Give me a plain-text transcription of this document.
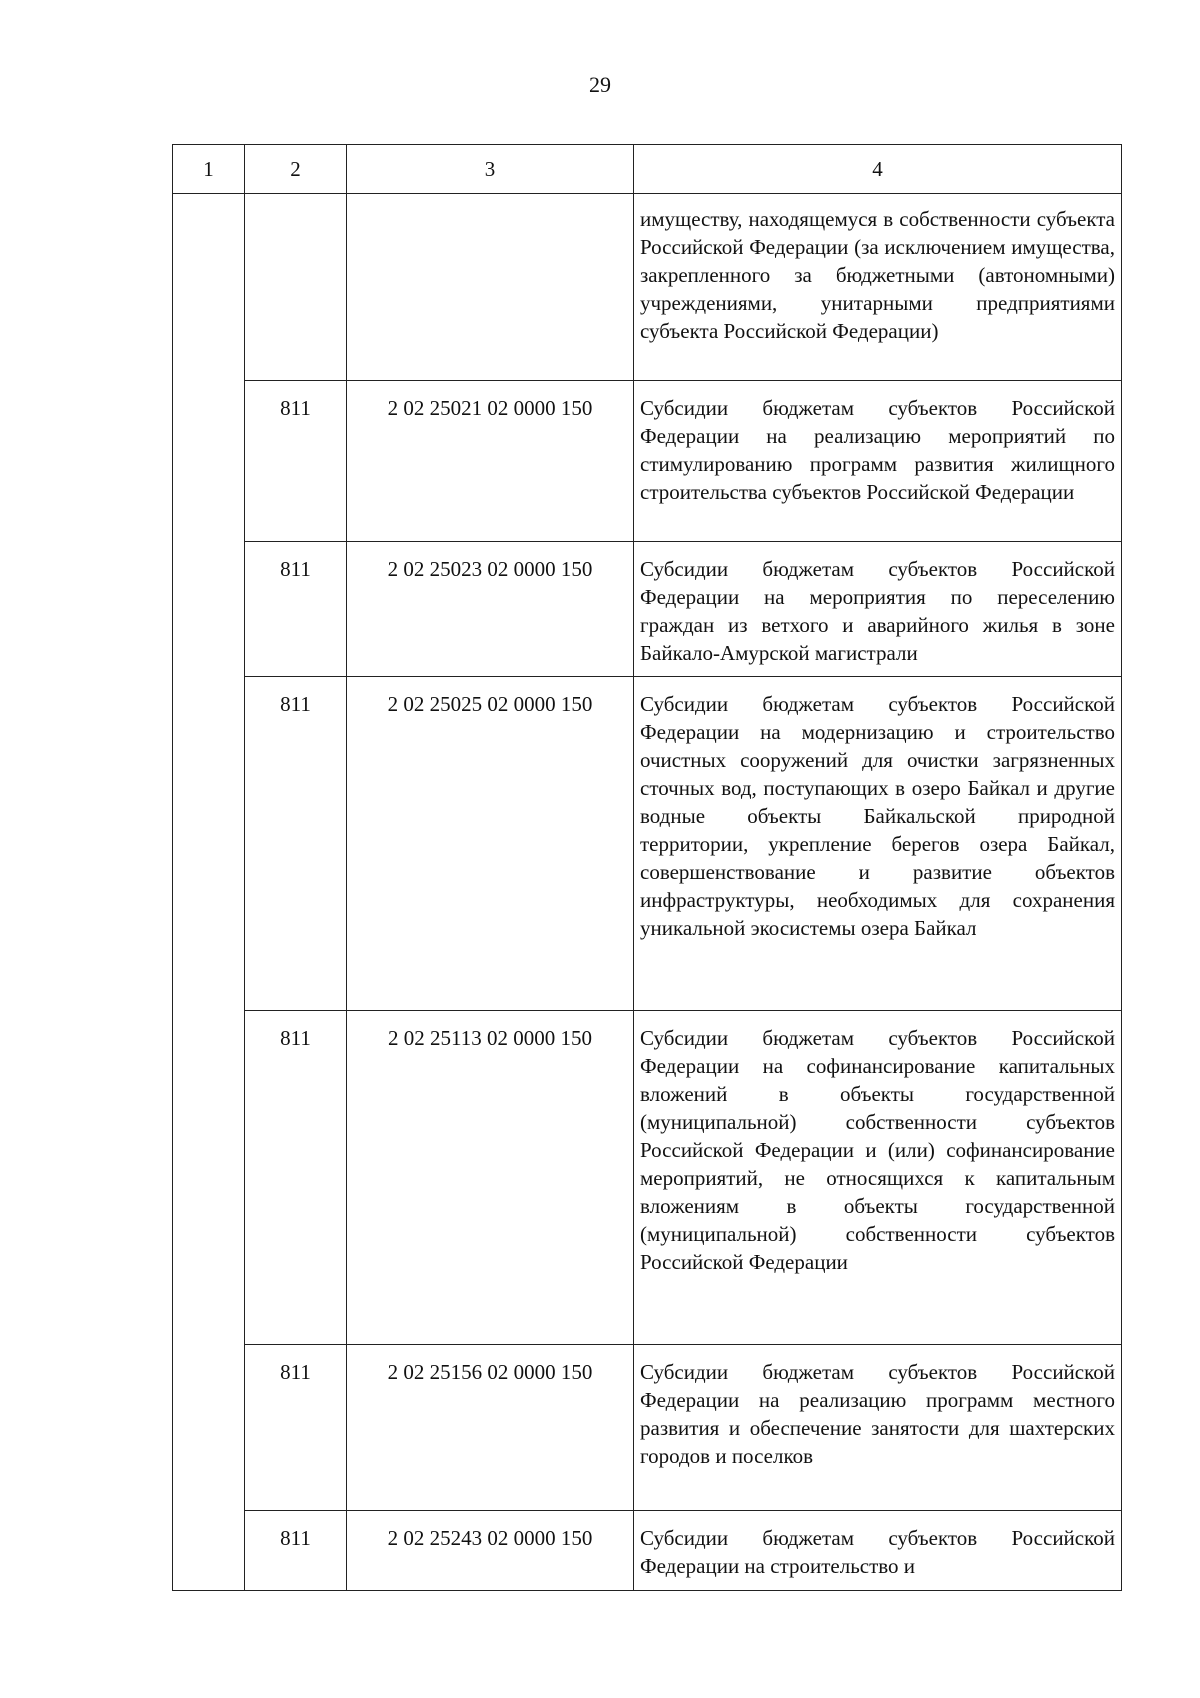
29
1	2	3	4
			имуществу, находящемуся в собственности субъекта Российской Федерации (за исключением имущества, закрепленного за бюджетными (автономными) учреждениями, унитарными предприятиями субъекта Российской Федерации)
	811	2 02 25021 02 0000 150	Субсидии бюджетам субъектов Российской Федерации на реализацию мероприятий по стимулированию программ развития жилищного строительства субъектов Российской Федерации
	811	2 02 25023 02 0000 150	Субсидии бюджетам субъектов Российской Федерации на мероприятия по переселению граждан из ветхого и аварийного жилья в зоне Байкало-Амурской магистрали
	811	2 02 25025 02 0000 150	Субсидии бюджетам субъектов Российской Федерации на модернизацию и строительство очистных сооружений для очистки загрязненных сточных вод, поступающих в озеро Байкал и другие водные объекты Байкальской природной территории, укрепление берегов озера Байкал, совершенствование и развитие объектов инфраструктуры, необходимых для сохранения уникальной экосистемы озера Байкал
	811	2 02 25113 02 0000 150	Субсидии бюджетам субъектов Российской Федерации на софинансирование капитальных вложений в объекты государственной (муниципальной) собственности субъектов Российской Федерации и (или) софинансирование мероприятий, не относящихся к капитальным вложениям в объекты государственной (муниципальной) собственности субъектов Российской Федерации
	811	2 02 25156 02 0000 150	Субсидии бюджетам субъектов Российской Федерации на реализацию программ местного развития и обеспечение занятости для шахтерских городов и поселков
	811	2 02 25243 02 0000 150	Субсидии бюджетам субъектов Российской Федерации на строительство и
